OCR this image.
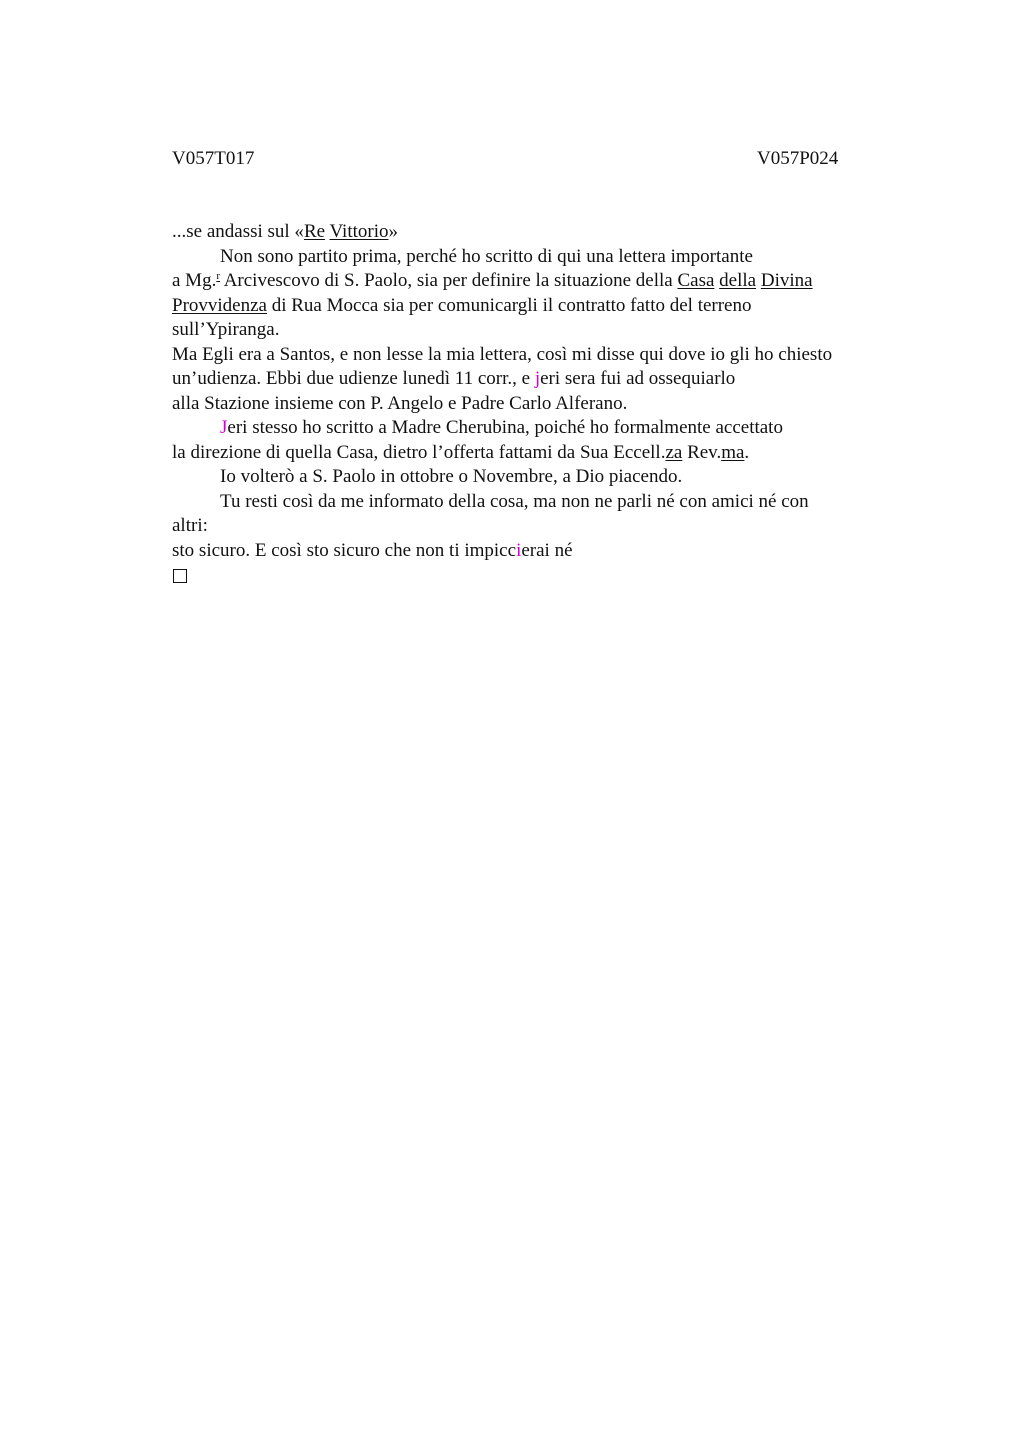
V057T017	V057P024
...se andassi sul «Re Vittorio»
Non sono partito prima, perché ho scritto di qui una lettera importante
a Mg.$^r$ Arcivescovo di S. Paolo, sia per definire la situazione della Casa della Divina
Provvidenza di Rua Mocca sia per comunicargli il contratto fatto del terreno
sull’Ypiranga.
Ma Egli era a Santos, e non lesse la mia lettera, così mi disse qui dove io gli ho chiesto
un’udienza. Ebbi due udienze lunedì 11 corr., e jeri sera fui ad ossequiarlo
alla Stazione insieme con P. Angelo e Padre Carlo Alferano.
Jeri stesso ho scritto a Madre Cherubina, poiché ho formalmente accettato
la direzione di quella Casa, dietro l’offerta fattami da Sua Eccell.za Rev.ma.
Io volterò a S. Paolo in ottobre o Novembre, a Dio piacendo.
Tu resti così da me informato della cosa, ma non ne parli né con amici né con
altri:
sto sicuro. E così sto sicuro che non ti impiccierai né
